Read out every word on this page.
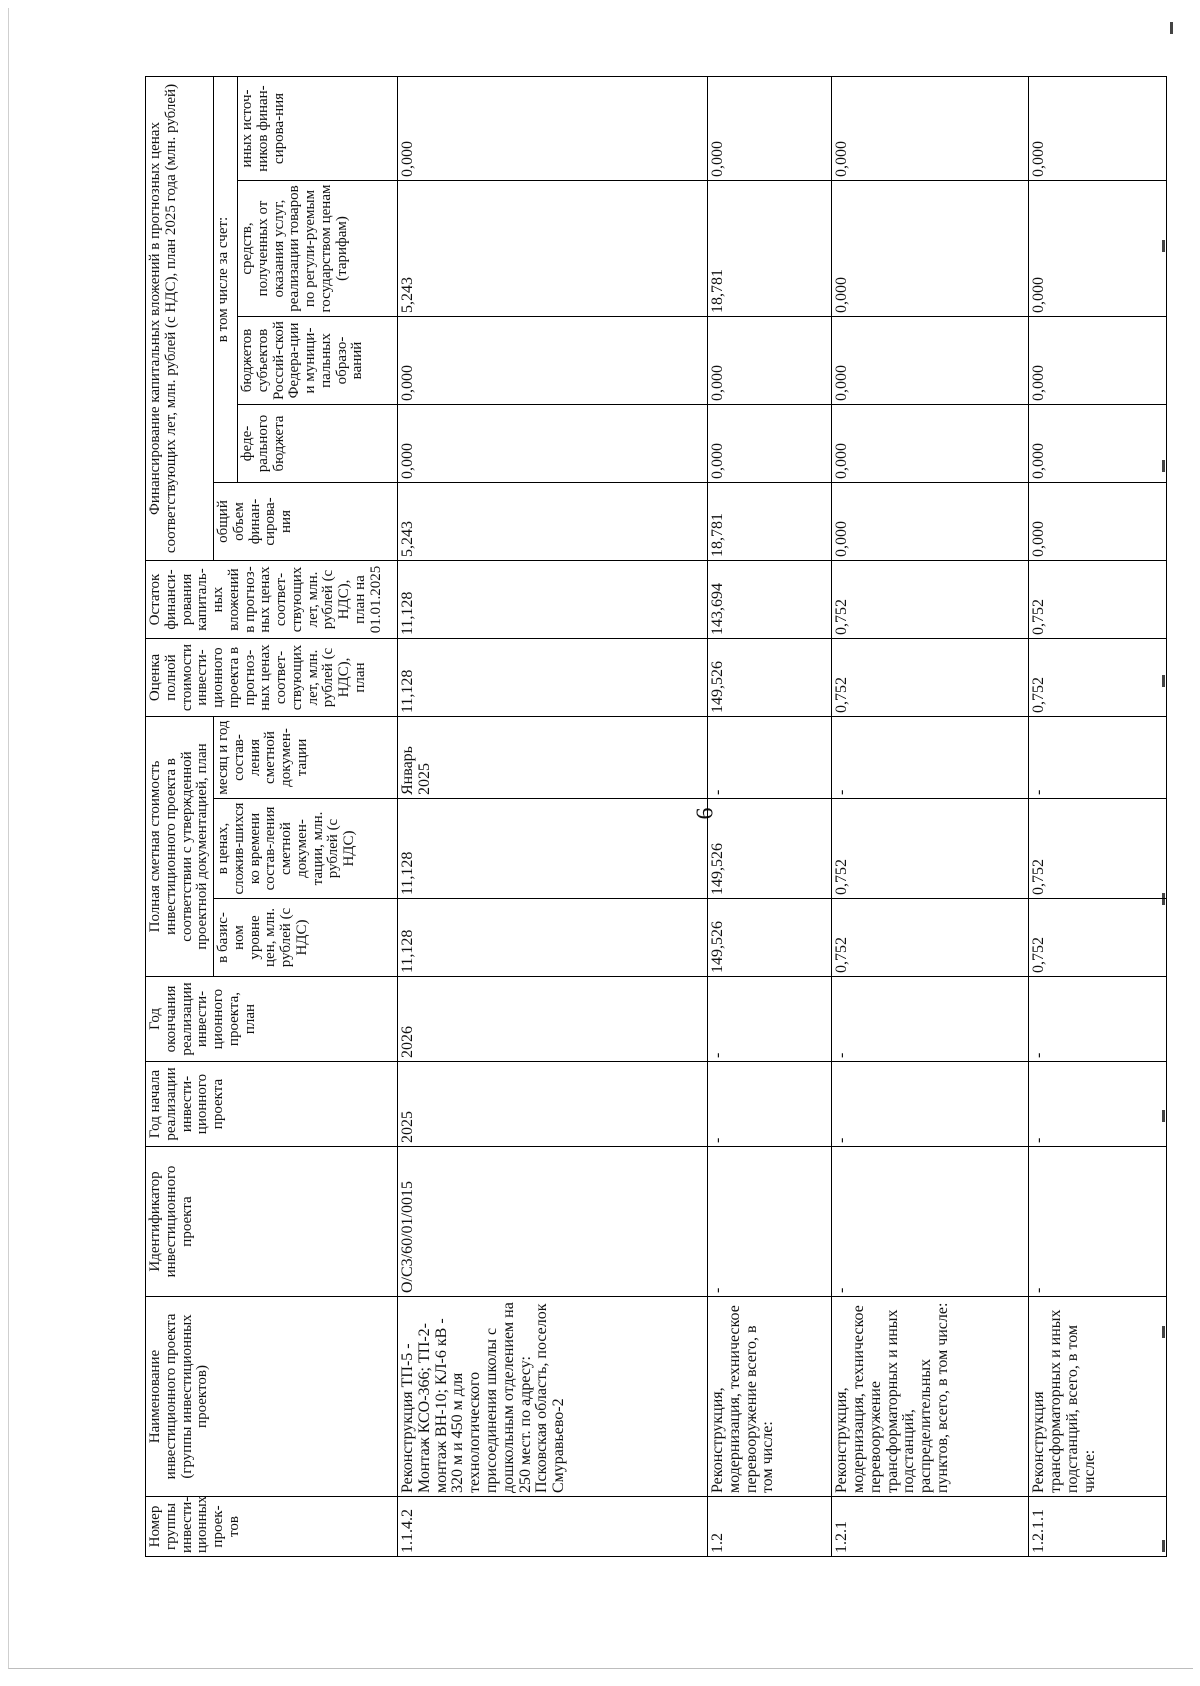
6
Номер группы инвести-ционных проек-тов	Наименование инвестиционного проекта (группы инвестиционных проектов)	Идентификатор инвестиционного проекта	Год начала реализации инвести-ционного проекта	Год окончания реализации инвести-ционного проекта, план	Полная сметная стоимость инвестиционного проекта в соответствии с утвержденной проектной документацией, план			Оценка полной стоимости инвести-ционного проекта в прогноз-ных ценах соответ-ствующих лет, млн. рублей (с НДС), план	Остаток финанси-рования капиталь-ных вложений в прогноз-ных ценах соответ-ствующих лет, млн. рублей (с НДС), план на 01.01.2025	Финансирование капитальных вложений в прогнозных ценах соответствующих лет, млн. рублей (с НДС), план 2025 года (млн. рублей)				
					в базис-ном уровне цен, млн. рублей (с НДС)	в ценах, сложив-шихся ко времени состав-ления сметной докумен-тации, млн. рублей (с НДС)	месяц и год состав-ления сметной докумен-тации			общий объем финан-сирова-ния	в том числе за счет:			
											феде-рального бюджета	бюджетов субъектов Россий-ской Федера-ции и муници-пальных образо-ваний	средств, полученных от оказания услуг, реализации товаров по регули-руемым государством ценам (тарифам)	иных источ-ников финан-сирова-ния
1.1.4.2	Реконструкция ТП-5 - Монтаж КСО-366; ТП-2- монтаж ВН-10; КЛ-6 кВ - 320 м и 450 м для технологического присоединения школы с дошкольным отделением на 250 мест. по адресу: Псковская область, поселок Смуравьево-2	O/C3/60/01/0015	2025	2026	11,128	11,128	Январь 2025	11,128	11,128	5,243	0,000	0,000	5,243	0,000
1.2	Реконструкция, модернизация, техническое перевооружение всего, в том числе:	-	-	-	149,526	149,526	-	149,526	143,694	18,781	0,000	0,000	18,781	0,000
1.2.1	Реконструкция, модернизация, техническое перевооружение трансформаторных и иных подстанций, распределительных пунктов, всего, в том числе:	-	-	-	0,752	0,752	-	0,752	0,752	0,000	0,000	0,000	0,000	0,000
1.2.1.1	Реконструкция трансформаторных и иных подстанций, всего, в том числе:	-	-	-	0,752	0,752	-	0,752	0,752	0,000	0,000	0,000	0,000	0,000
